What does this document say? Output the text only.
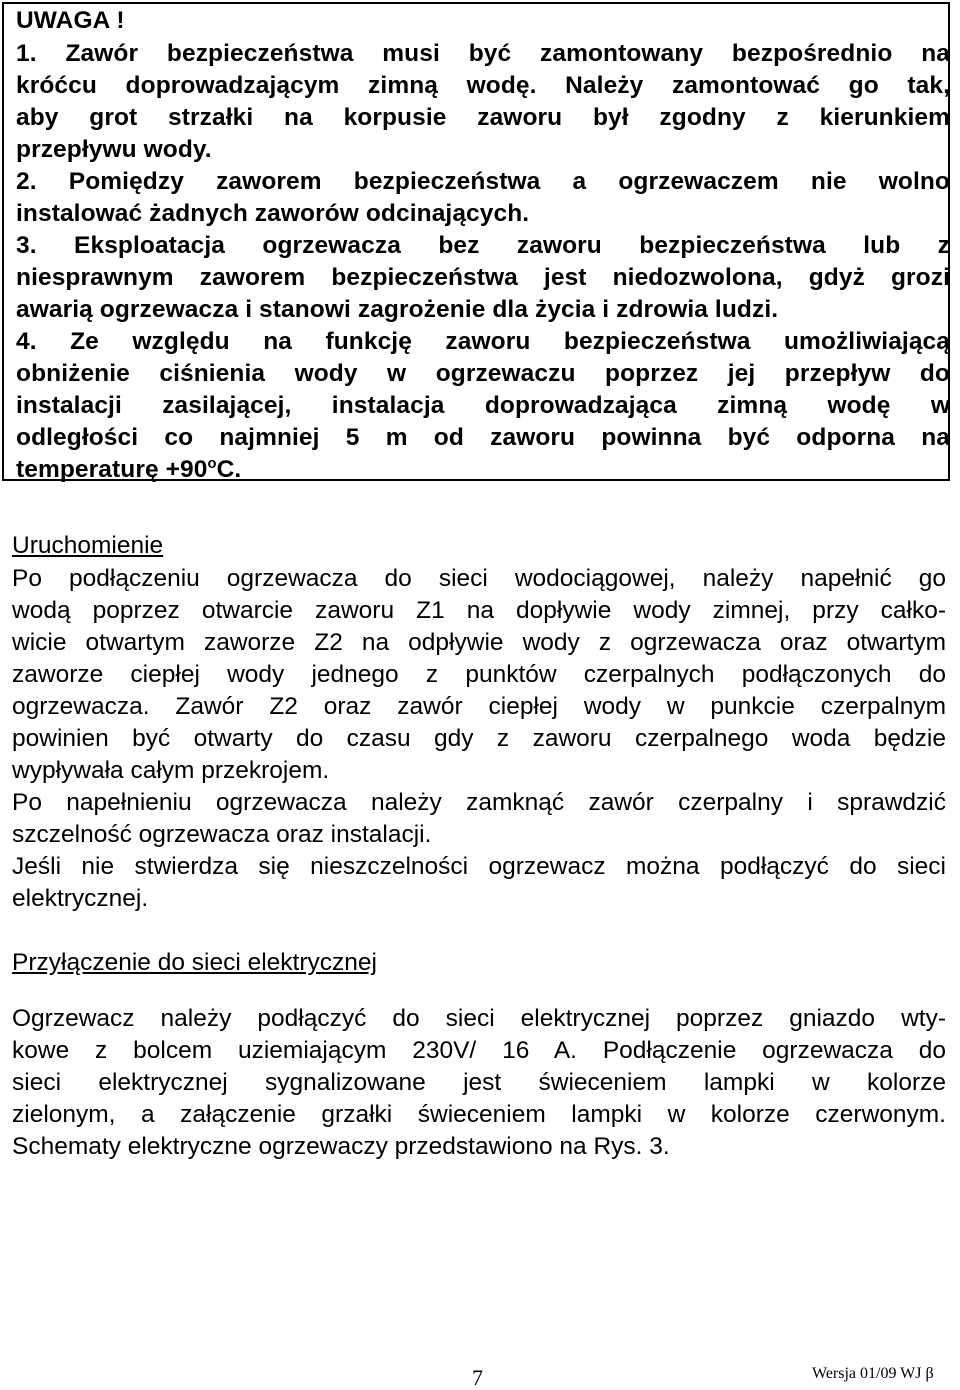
UWAGA !
1. Zawór bezpieczeństwa musi być zamontowany bezpośrednio na
króćcu doprowadzającym zimną wodę. Należy zamontować go tak,
aby grot strzałki na korpusie zaworu był zgodny z kierunkiem
przepływu wody.
2. Pomiędzy zaworem bezpieczeństwa a ogrzewaczem nie wolno
instalować żadnych zaworów odcinających.
3. Eksploatacja ogrzewacza bez zaworu bezpieczeństwa lub z
niesprawnym zaworem bezpieczeństwa jest niedozwolona, gdyż grozi
awarią ogrzewacza i stanowi zagrożenie dla życia i zdrowia ludzi.
4. Ze względu na funkcję zaworu bezpieczeństwa umożliwiającą
obniżenie ciśnienia wody w ogrzewaczu poprzez jej przepływ do
instalacji zasilającej, instalacja doprowadzająca zimną wodę w
odległości co najmniej 5 m od zaworu powinna być odporna na
temperaturę $+90^oC$.
Uruchomienie
Po podłączeniu ogrzewacza do sieci wodociągowej, należy napełnić go
wodą poprzez otwarcie zaworu Z1 na dopływie wody zimnej, przy całko-
wicie otwartym zaworze Z2 na odpływie wody z ogrzewacza oraz otwartym
zaworze ciepłej wody jednego z punktów czerpalnych podłączonych do
ogrzewacza. Zawór Z2 oraz zawór ciepłej wody w punkcie czerpalnym
powinien być otwarty do czasu gdy z zaworu czerpalnego woda będzie
wypływała całym przekrojem.
Po napełnieniu ogrzewacza należy zamknąć zawór czerpalny i sprawdzić
szczelność ogrzewacza oraz instalacji.
Jeśli nie stwierdza się nieszczelności ogrzewacz można podłączyć do sieci
elektrycznej.
Przyłączenie do sieci elektrycznej
Ogrzewacz należy podłączyć do sieci elektrycznej poprzez gniazdo wty-
kowe z bolcem uziemiającym 230V/ 16 A. Podłączenie ogrzewacza do
sieci elektrycznej sygnalizowane jest świeceniem lampki w kolorze
zielonym, a załączenie grzałki świeceniem lampki w kolorze czerwonym.
Schematy elektryczne ogrzewaczy przedstawiono na Rys. 3.
7	Wersja 01/09 WJ β
